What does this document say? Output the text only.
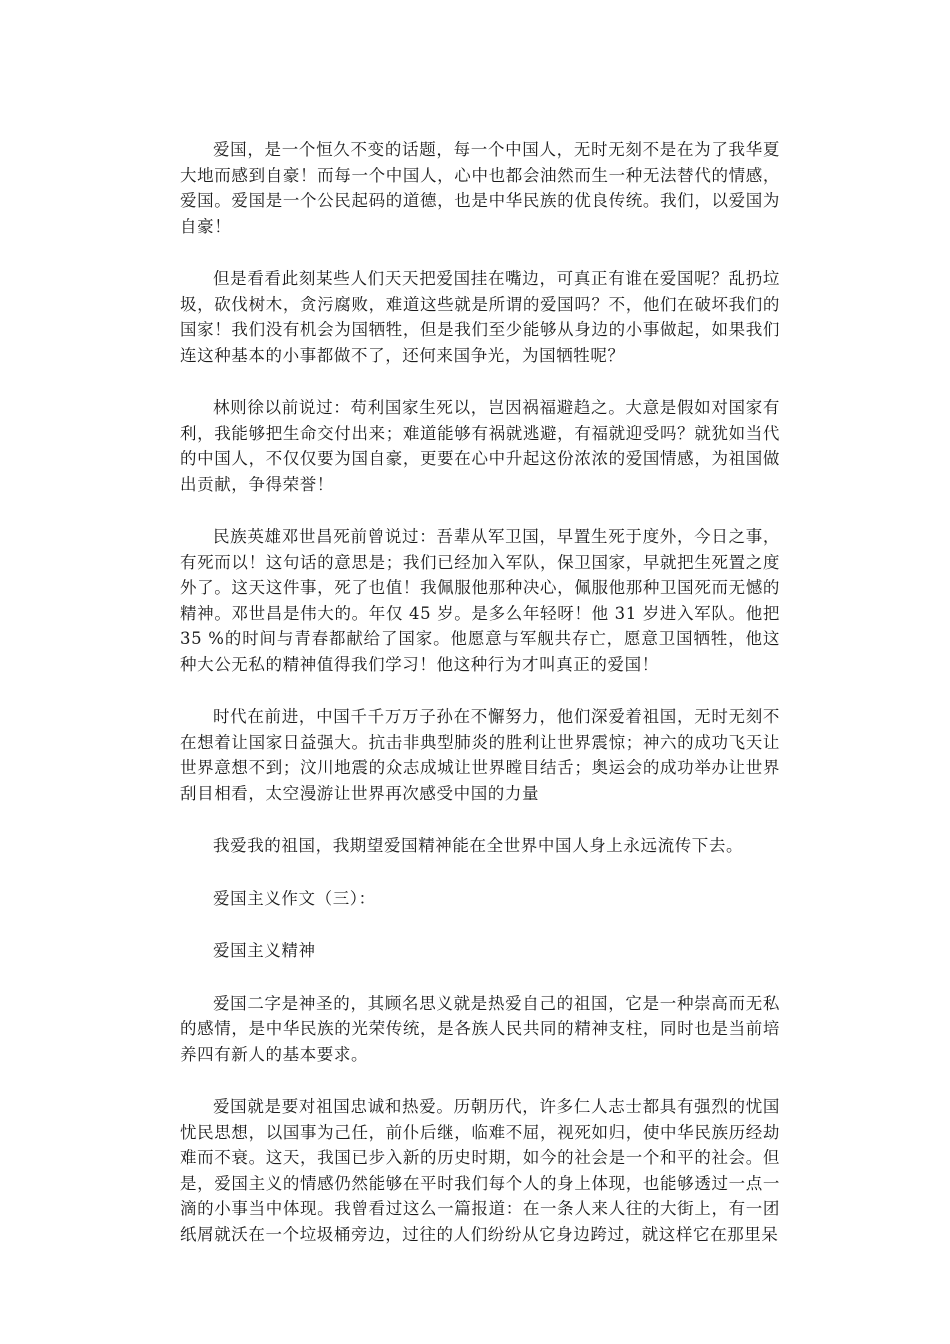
爱国，是一个恒久不变的话题，每一个中国人，无时无刻不是在为了我华夏大地而感到自豪！而每一个中国人，心中也都会油然而生一种无法替代的情感，爱国。爱国是一个公民起码的道德，也是中华民族的优良传统。我们，以爱国为自豪！

但是看看此刻某些人们天天把爱国挂在嘴边，可真正有谁在爱国呢？乱扔垃圾，砍伐树木，贪污腐败，难道这些就是所谓的爱国吗？不，他们在破坏我们的国家！我们没有机会为国牺牲，但是我们至少能够从身边的小事做起，如果我们连这种基本的小事都做不了，还何来国争光，为国牺牲呢？

林则徐以前说过：苟利国家生死以，岂因祸福避趋之。大意是假如对国家有利，我能够把生命交付出来；难道能够有祸就逃避，有福就迎受吗？就犹如当代的中国人，不仅仅要为国自豪，更要在心中升起这份浓浓的爱国情感，为祖国做出贡献，争得荣誉！

民族英雄邓世昌死前曾说过：吾辈从军卫国，早置生死于度外，今日之事，有死而以！这句话的意思是；我们已经加入军队，保卫国家，早就把生死置之度外了。这天这件事，死了也值！我佩服他那种决心，佩服他那种卫国死而无憾的精神。邓世昌是伟大的。年仅 45 岁。是多么年轻呀！他 31 岁进入军队。他把 35 %的时间与青春都献给了国家。他愿意与军舰共存亡，愿意卫国牺牲，他这种大公无私的精神值得我们学习！他这种行为才叫真正的爱国！

时代在前进，中国千千万万子孙在不懈努力，他们深爱着祖国，无时无刻不在想着让国家日益强大。抗击非典型肺炎的胜利让世界震惊；神六的成功飞天让世界意想不到；汶川地震的众志成城让世界瞠目结舌；奥运会的成功举办让世界刮目相看，太空漫游让世界再次感受中国的力量

我爱我的祖国，我期望爱国精神能在全世界中国人身上永远流传下去。

爱国主义作文（三）：

爱国主义精神

爱国二字是神圣的，其顾名思义就是热爱自己的祖国，它是一种崇高而无私的感情，是中华民族的光荣传统，是各族人民共同的精神支柱，同时也是当前培养四有新人的基本要求。

爱国就是要对祖国忠诚和热爱。历朝历代，许多仁人志士都具有强烈的忧国忧民思想，以国事为己任，前仆后继，临难不屈，视死如归，使中华民族历经劫难而不衰。这天，我国已步入新的历史时期，如今的社会是一个和平的社会。但是，爱国主义的情感仍然能够在平时我们每个人的身上体现，也能够透过一点一滴的小事当中体现。我曾看过这么一篇报道：在一条人来人往的大街上，有一团纸屑就沃在一个垃圾桶旁边，过往的人们纷纷从它身边跨过，就这样它在那里呆
